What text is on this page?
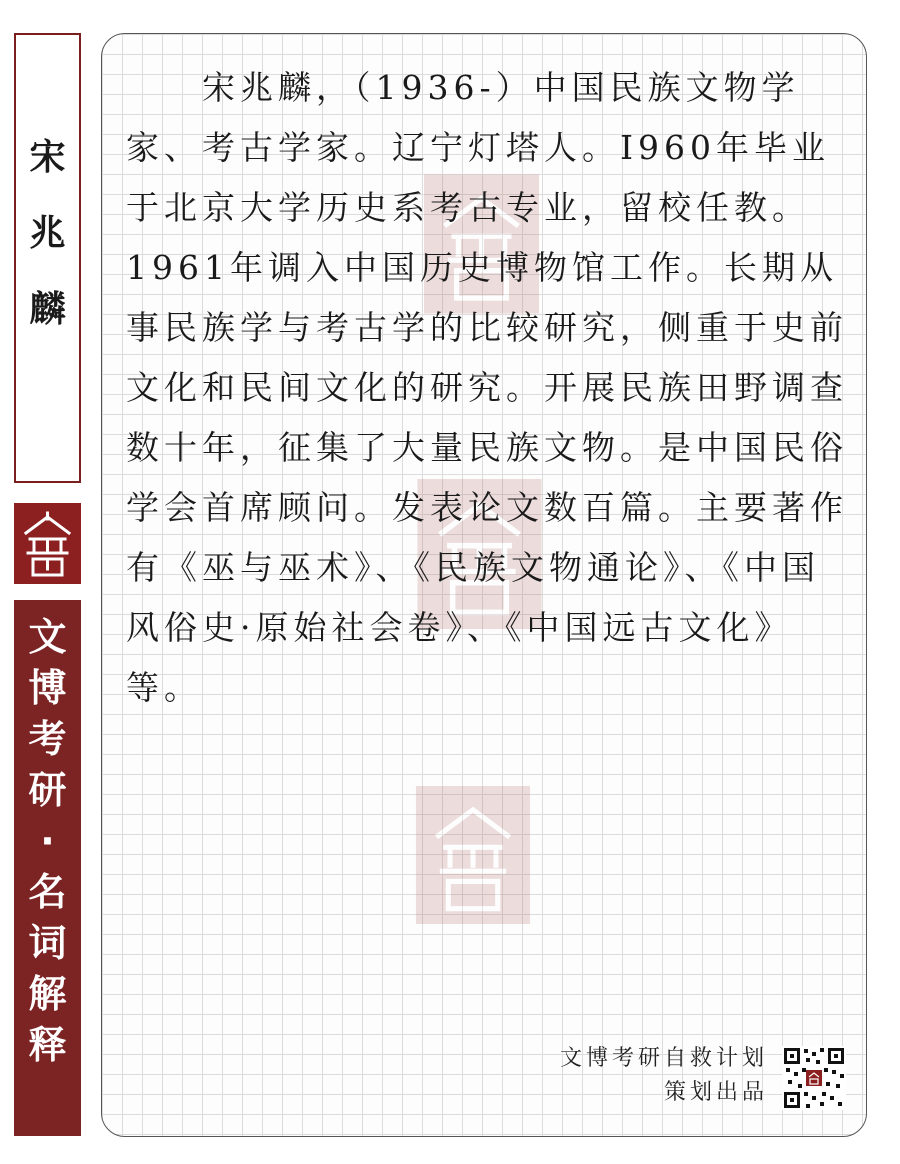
宋
兆
麟
文
博
考
研
·
名
词
解
释

宋兆麟，（1936-）中国民族文物学家、考古学家。辽宁灯塔人。I960年毕业于北京大学历史系考古专业，留校任教。1961年调入中国历史博物馆工作。长期从事民族学与考古学的比较研究，侧重于史前文化和民间文化的研究。开展民族田野调查数十年，征集了大量民族文物。是中国民俗学会首席顾问。发表论文数百篇。主要著作有《巫与巫术》、《民族文物通论》、《中国风俗史·原始社会卷》、《中国远古文化》等。

文博考研自救计划
策划出品
